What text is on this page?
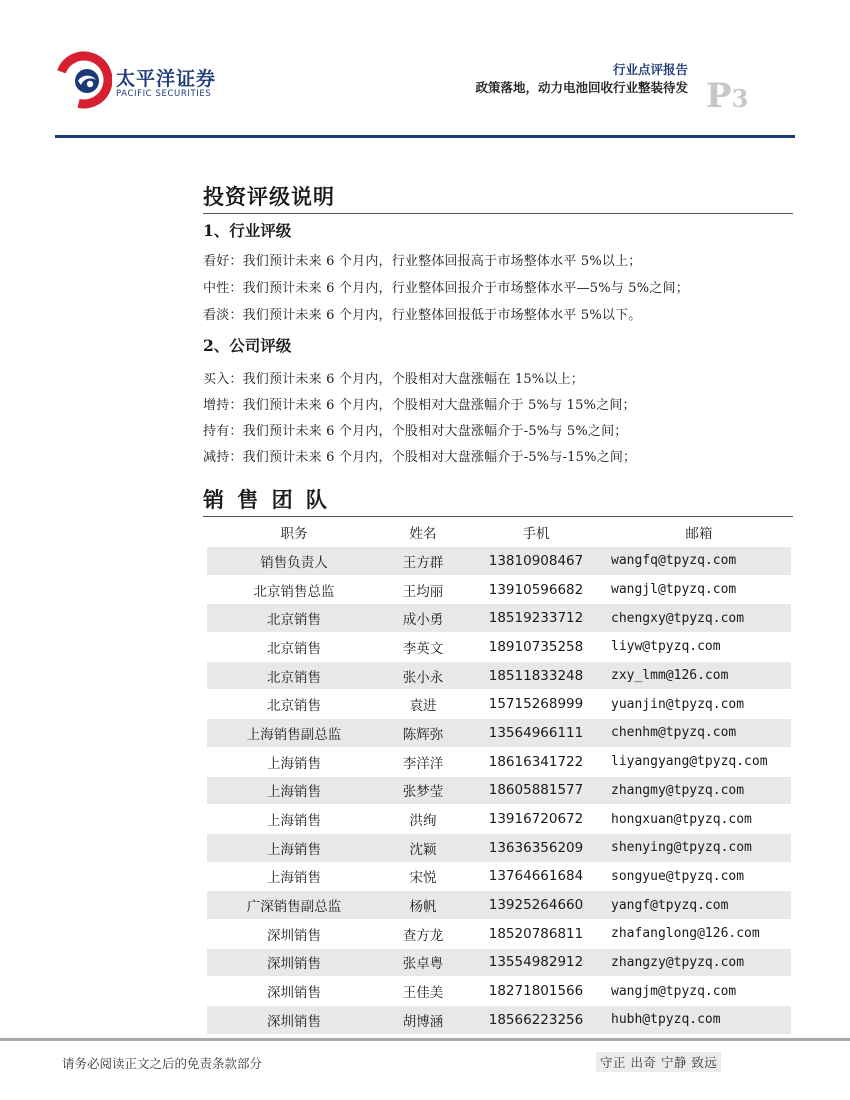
太平洋证券
PACIFIC SECURITIES
行业点评报告
政策落地，动力电池回收行业整装待发 P3
投资评级说明
1、行业评级
看好：我们预计未来 6 个月内，行业整体回报高于市场整体水平 5%以上；
中性：我们预计未来 6 个月内，行业整体回报介于市场整体水平—5%与 5%之间；
看淡：我们预计未来 6 个月内，行业整体回报低于市场整体水平 5%以下。
2、公司评级
买入：我们预计未来 6 个月内，个股相对大盘涨幅在 15%以上；
增持：我们预计未来 6 个月内，个股相对大盘涨幅介于 5%与 15%之间；
持有：我们预计未来 6 个月内，个股相对大盘涨幅介于-5%与 5%之间；
减持：我们预计未来 6 个月内，个股相对大盘涨幅介于-5%与-15%之间；
销 售 团 队
职务	姓名	手机	邮箱
销售负责人	王方群	13810908467	wangfq@tpyzq.com
北京销售总监	王均丽	13910596682	wangjl@tpyzq.com
北京销售	成小勇	18519233712	chengxy@tpyzq.com
北京销售	李英文	18910735258	liyw@tpyzq.com
北京销售	张小永	18511833248	zxy_lmm@126.com
北京销售	袁进	15715268999	yuanjin@tpyzq.com
上海销售副总监	陈辉弥	13564966111	chenhm@tpyzq.com
上海销售	李洋洋	18616341722	liyangyang@tpyzq.com
上海销售	张梦莹	18605881577	zhangmy@tpyzq.com
上海销售	洪绚	13916720672	hongxuan@tpyzq.com
上海销售	沈颖	13636356209	shenying@tpyzq.com
上海销售	宋悦	13764661684	songyue@tpyzq.com
广深销售副总监	杨帆	13925264660	yangf@tpyzq.com
深圳销售	查方龙	18520786811	zhafanglong@126.com
深圳销售	张卓粤	13554982912	zhangzy@tpyzq.com
深圳销售	王佳美	18271801566	wangjm@tpyzq.com
深圳销售	胡博涵	18566223256	hubh@tpyzq.com
请务必阅读正文之后的免责条款部分	守正 出奇 宁静 致远
